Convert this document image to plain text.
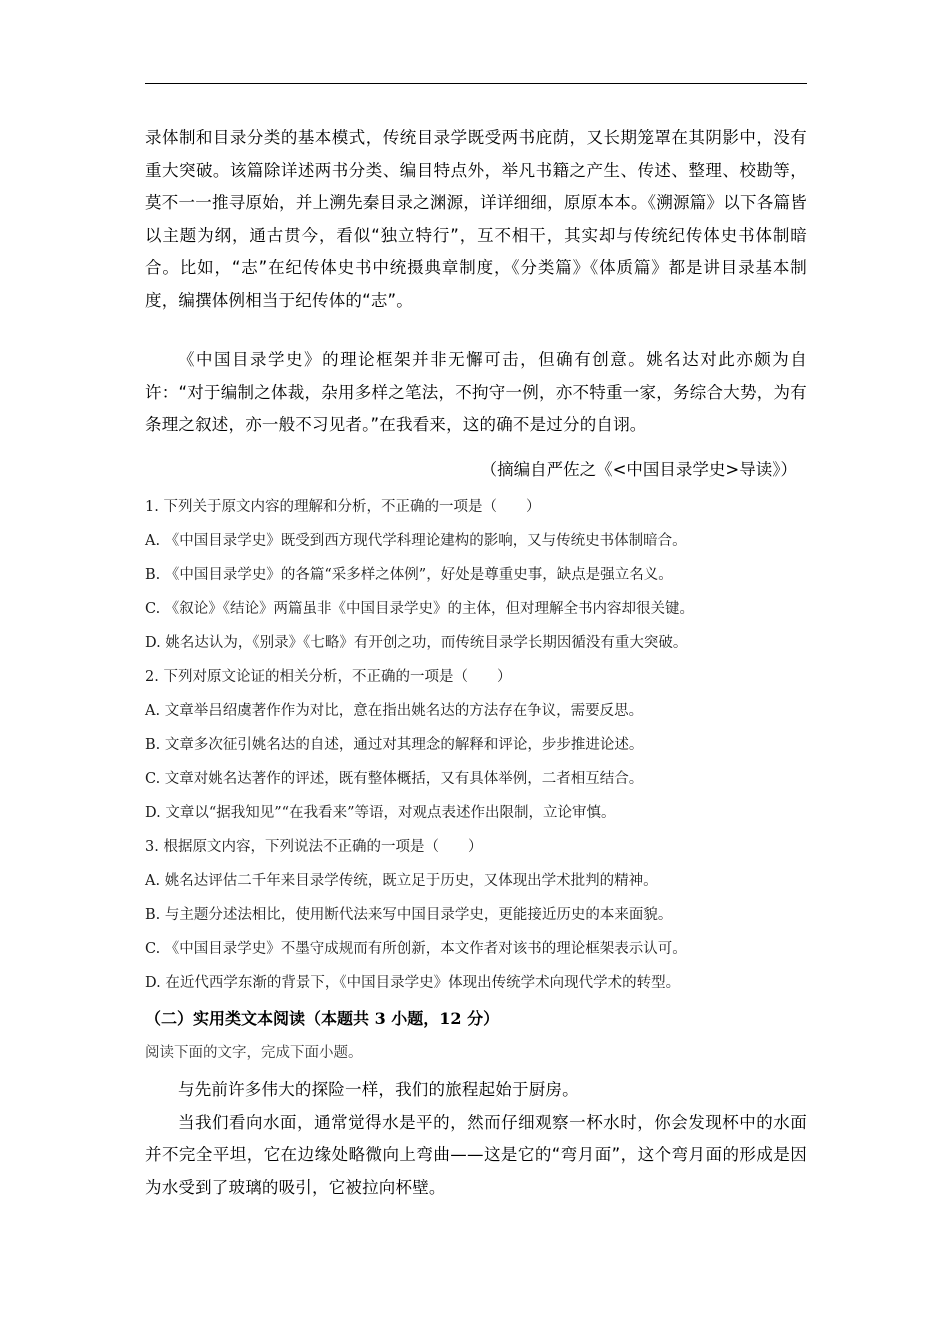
录体制和目录分类的基本模式，传统目录学既受两书庇荫，又长期笼罩在其阴影中，没有重大突破。该篇除详述两书分类、编目特点外，举凡书籍之产生、传述、整理、校勘等，莫不一一推寻原始，并上溯先秦目录之渊源，详详细细，原原本本。《溯源篇》以下各篇皆以主题为纲，通古贯今，看似“独立特行”，互不相干，其实却与传统纪传体史书体制暗合。比如，“志”在纪传体史书中统摄典章制度，《分类篇》《体质篇》都是讲目录基本制度，编撰体例相当于纪传体的“志”。

《中国目录学史》的理论框架并非无懈可击，但确有创意。姚名达对此亦颇为自许：“对于编制之体裁，杂用多样之笔法，不拘守一例，亦不特重一家，务综合大势，为有条理之叙述，亦一般不习见者。”在我看来，这的确不是过分的自诩。

（摘编自严佐之《<中国目录学史>导读》）
1. 下列关于原文内容的理解和分析，不正确的一项是（　　）
A. 《中国目录学史》既受到西方现代学科理论建构的影响，又与传统史书体制暗合。
B. 《中国目录学史》的各篇“采多样之体例”，好处是尊重史事，缺点是强立名义。
C. 《叙论》《结论》两篇虽非《中国目录学史》的主体，但对理解全书内容却很关键。
D. 姚名达认为，《别录》《七略》有开创之功，而传统目录学长期因循没有重大突破。
2. 下列对原文论证的相关分析，不正确的一项是（　　）
A. 文章举吕绍虞著作作为对比，意在指出姚名达的方法存在争议，需要反思。
B. 文章多次征引姚名达的自述，通过对其理念的解释和评论，步步推进论述。
C. 文章对姚名达著作的评述，既有整体概括，又有具体举例，二者相互结合。
D. 文章以“据我知见”“在我看来”等语，对观点表述作出限制，立论审慎。
3. 根据原文内容，下列说法不正确的一项是（　　）
A. 姚名达评估二千年来目录学传统，既立足于历史，又体现出学术批判的精神。
B. 与主题分述法相比，使用断代法来写中国目录学史，更能接近历史的本来面貌。
C. 《中国目录学史》不墨守成规而有所创新，本文作者对该书的理论框架表示认可。
D. 在近代西学东渐的背景下，《中国目录学史》体现出传统学术向现代学术的转型。
（二）实用类文本阅读（本题共 3 小题，12 分）
阅读下面的文字，完成下面小题。

与先前许多伟大的探险一样，我们的旅程起始于厨房。

当我们看向水面，通常觉得水是平的，然而仔细观察一杯水时，你会发现杯中的水面并不完全平坦，它在边缘处略微向上弯曲——这是它的“弯月面”，这个弯月面的形成是因为水受到了玻璃的吸引，它被拉向杯壁。
